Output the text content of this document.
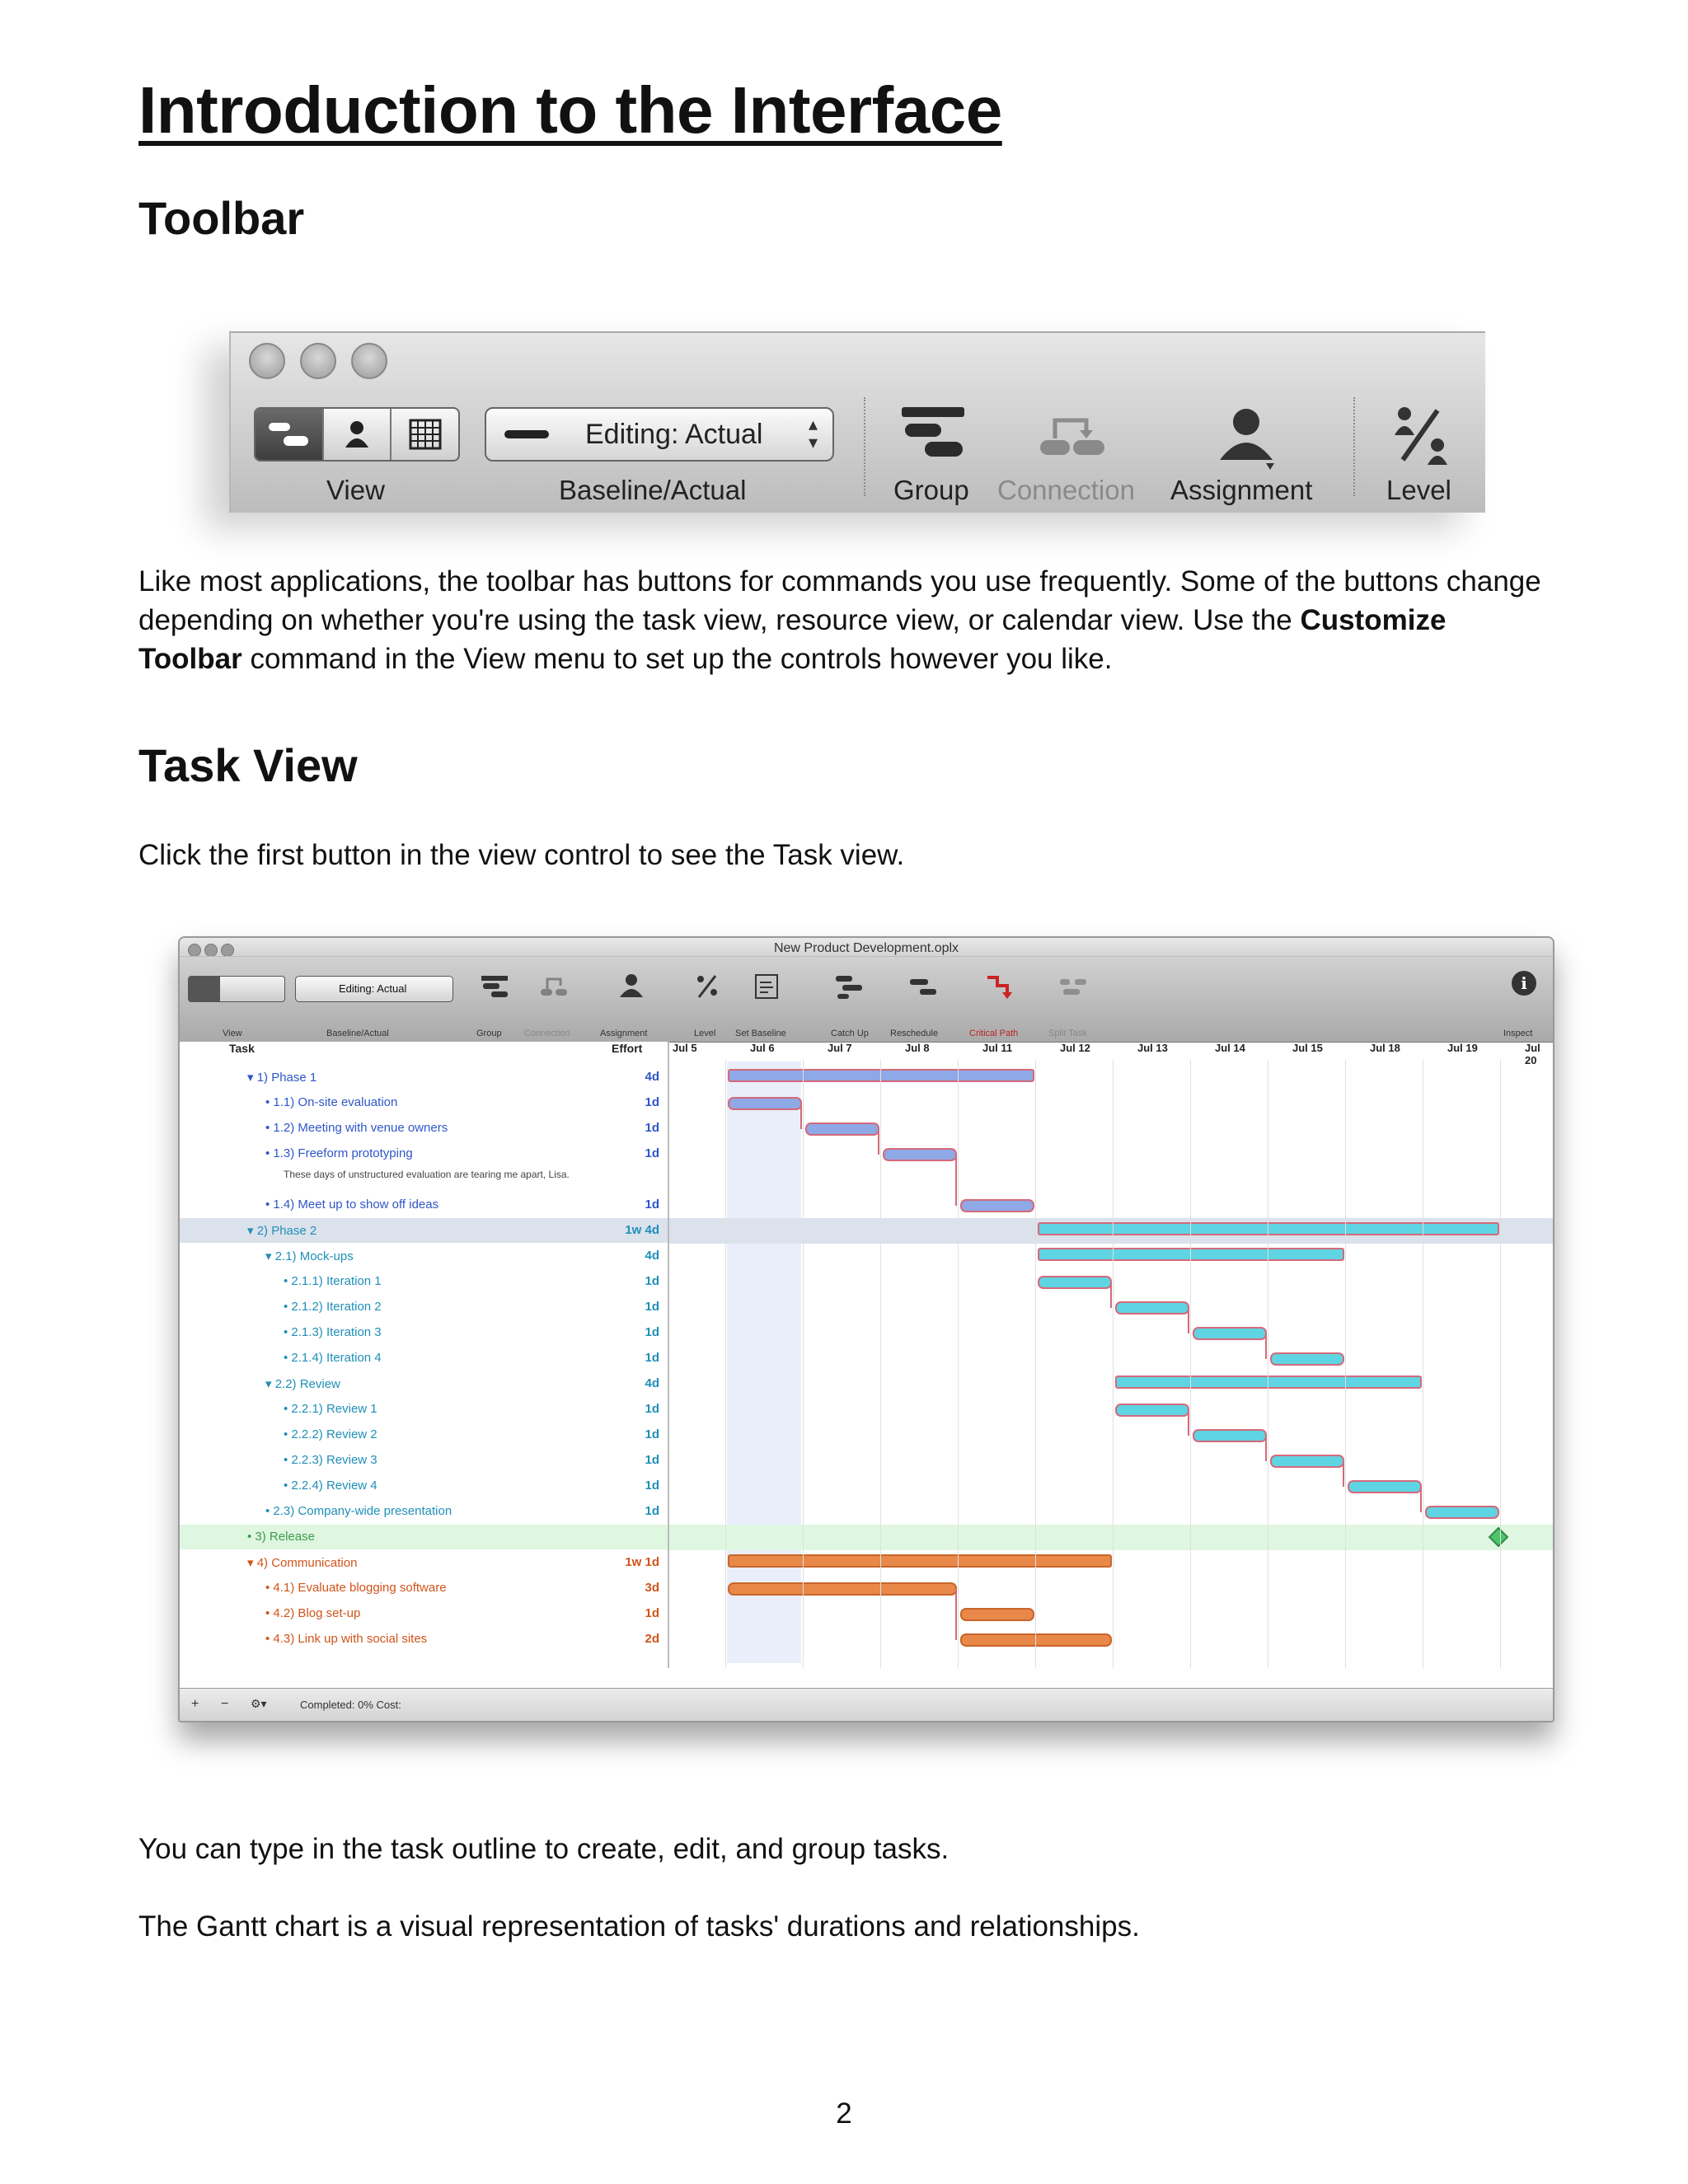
Introduction to the Interface
Toolbar
Editing: Actual	▴
▾
View	Baseline/Actual	Group Connection Assignment	Level
Like most applications, the toolbar has buttons for commands you use frequently. Some of the buttons change depending on whether you're using the task view, resource view, or calendar view. Use the Customize Toolbar command in the View menu to set up the controls however you like.
Task View
Click the first button in the view control to see the Task view.
New Product Development.oplx
Editing: Actual	i
View	Baseline/Actual	Group Connection	Assignment	Level Set Baseline	Catch Up Reschedule	Critical Path	Split Task	Inspect
Task	Effort
▾ 1) Phase 1	4d
• 1.1) On-site evaluation	1d
• 1.2) Meeting with venue owners	1d
• 1.3) Freeform prototyping	1d
These days of unstructured evaluation are tearing me apart, Lisa.
• 1.4) Meet up to show off ideas	1d
▾ 2) Phase 2	1w 4d
▾ 2.1) Mock-ups	4d
• 2.1.1) Iteration 1	1d
• 2.1.2) Iteration 2	1d
• 2.1.3) Iteration 3	1d
• 2.1.4) Iteration 4	1d
▾ 2.2) Review	4d
• 2.2.1) Review 1	1d
• 2.2.2) Review 2	1d
• 2.2.3) Review 3	1d
• 2.2.4) Review 4	1d
• 2.3) Company-wide presentation	1d
• 3) Release
▾ 4) Communication	1w 1d
• 4.1) Evaluate blogging software	3d
• 4.2) Blog set-up	1d
• 4.3) Link up with social sites	2d
Jul 5	Jul 6	Jul 7	Jul 8	Jul 11	Jul 12	Jul 13	Jul 14	Jul 15	Jul 18	Jul 19	Jul 20
+ − ⚙▾	Completed: 0% Cost:
You can type in the task outline to create, edit, and group tasks.
The Gantt chart is a visual representation of tasks' durations and relationships.
2
